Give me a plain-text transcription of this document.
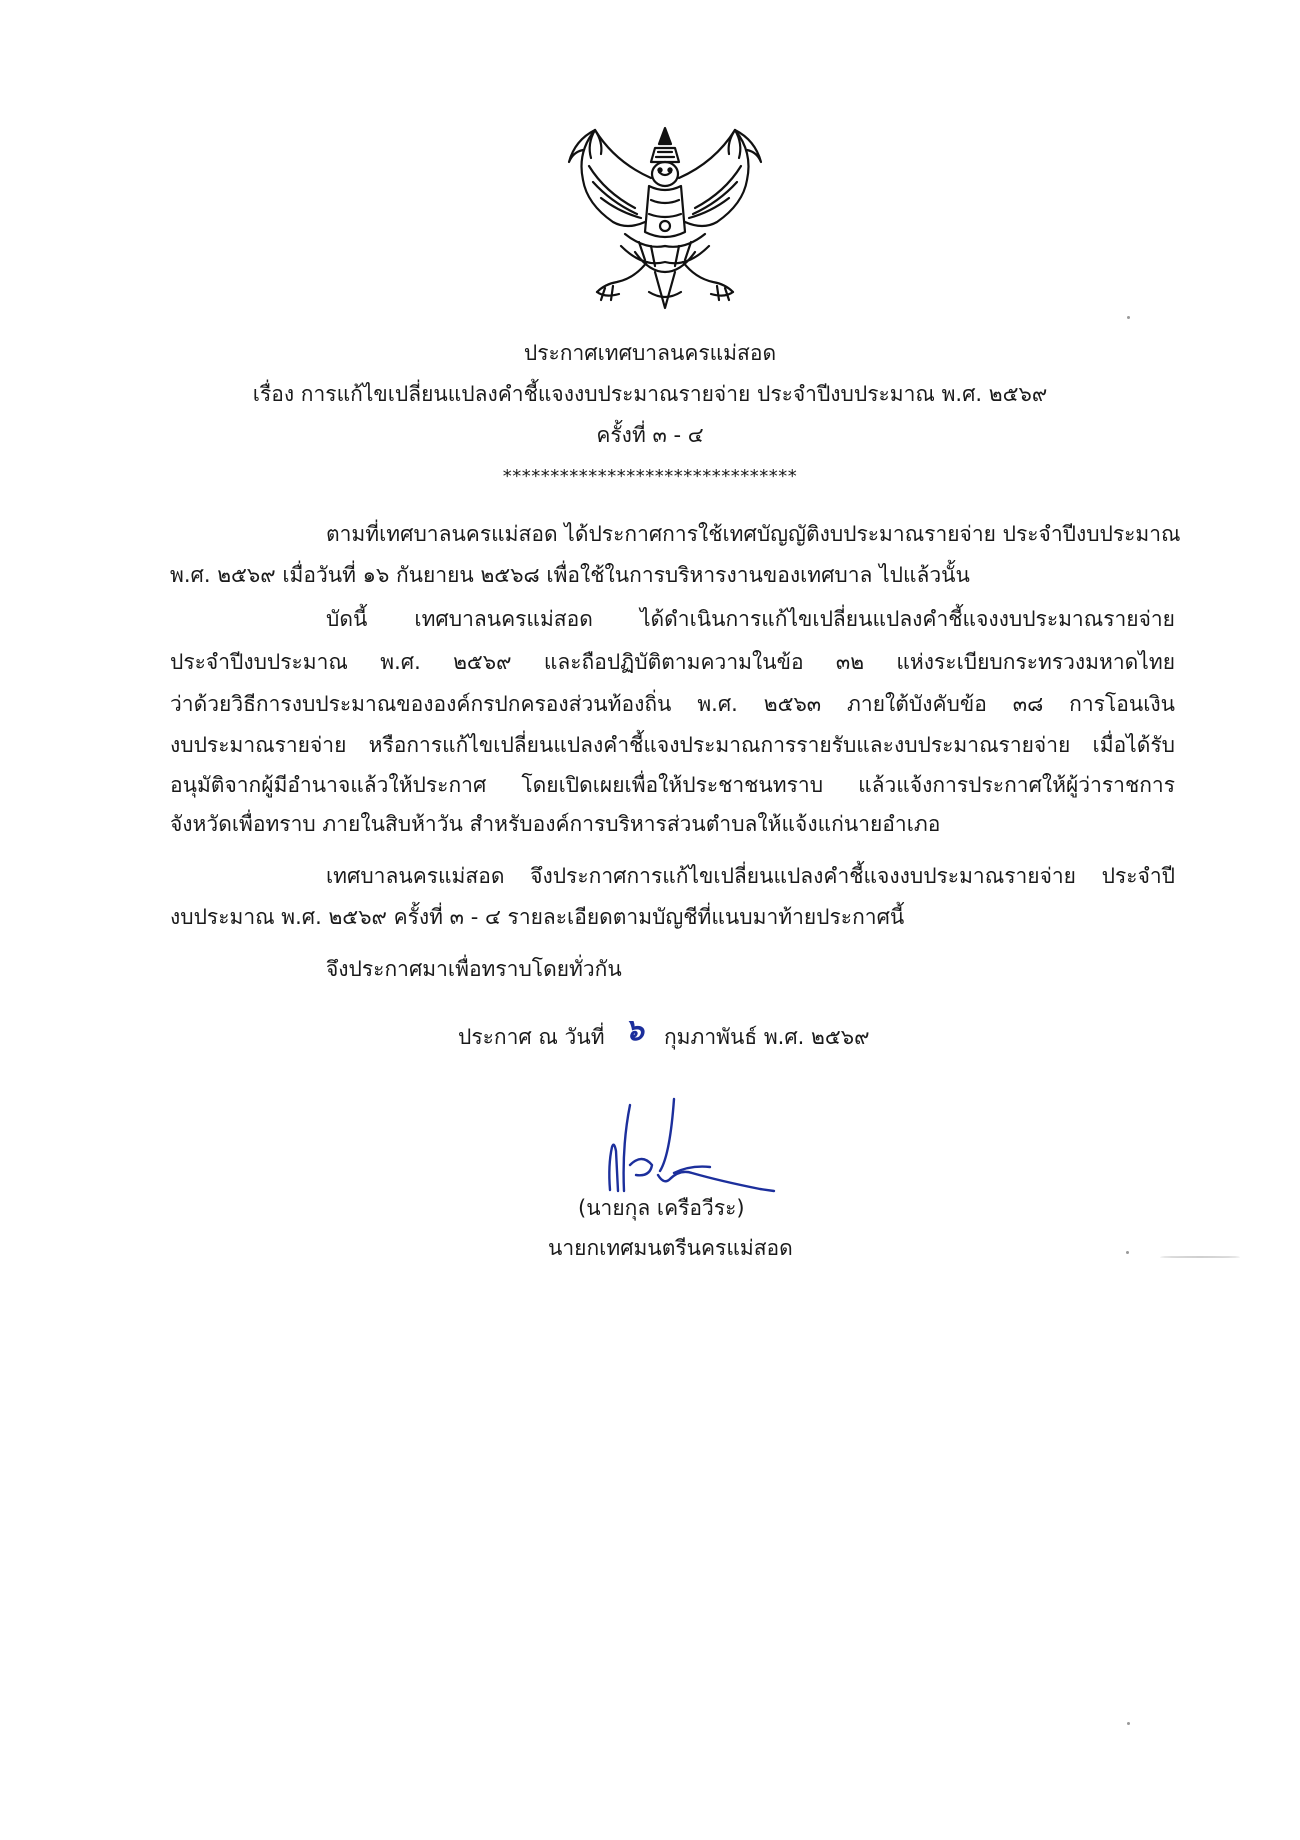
ประกาศเทศบาลนครแม่สอด
เรื่อง การแก้ไขเปลี่ยนแปลงคำชี้แจงงบประมาณรายจ่าย ประจำปีงบประมาณ พ.ศ. ๒๕๖๙
ครั้งที่ ๓ - ๔
*******************************
ตามที่เทศบาลนครแม่สอด ได้ประกาศการใช้เทศบัญญัติงบประมาณรายจ่าย ประจำปีงบประมาณ
พ.ศ. ๒๕๖๙ เมื่อวันที่ ๑๖ กันยายน ๒๕๖๘ เพื่อใช้ในการบริหารงานของเทศบาล ไปแล้วนั้น
บัดนี้ เทศบาลนครแม่สอด ได้ดำเนินการแก้ไขเปลี่ยนแปลงคำชี้แจงงบประมาณรายจ่าย
ประจำปีงบประมาณ พ.ศ. ๒๕๖๙ และถือปฏิบัติตามความในข้อ ๓๒ แห่งระเบียบกระทรวงมหาดไทย
ว่าด้วยวิธีการงบประมาณขององค์กรปกครองส่วนท้องถิ่น พ.ศ. ๒๕๖๓ ภายใต้บังคับข้อ ๓๘ การโอนเงิน
งบประมาณรายจ่าย หรือการแก้ไขเปลี่ยนแปลงคำชี้แจงประมาณการรายรับและงบประมาณรายจ่าย เมื่อได้รับ
อนุมัติจากผู้มีอำนาจแล้วให้ประกาศ โดยเปิดเผยเพื่อให้ประชาชนทราบ แล้วแจ้งการประกาศให้ผู้ว่าราชการ
จังหวัดเพื่อทราบ ภายในสิบห้าวัน สำหรับองค์การบริหารส่วนตำบลให้แจ้งแก่นายอำเภอ
เทศบาลนครแม่สอด จึงประกาศการแก้ไขเปลี่ยนแปลงคำชี้แจงงบประมาณรายจ่าย ประจำปี
งบประมาณ พ.ศ. ๒๕๖๙ ครั้งที่ ๓ - ๔ รายละเอียดตามบัญชีที่แนบมาท้ายประกาศนี้
จึงประกาศมาเพื่อทราบโดยทั่วกัน
ประกาศ ณ วันที่ ๖ กุมภาพันธ์ พ.ศ. ๒๕๖๙
(นายกุล เครือวีระ)
นายกเทศมนตรีนครแม่สอด
